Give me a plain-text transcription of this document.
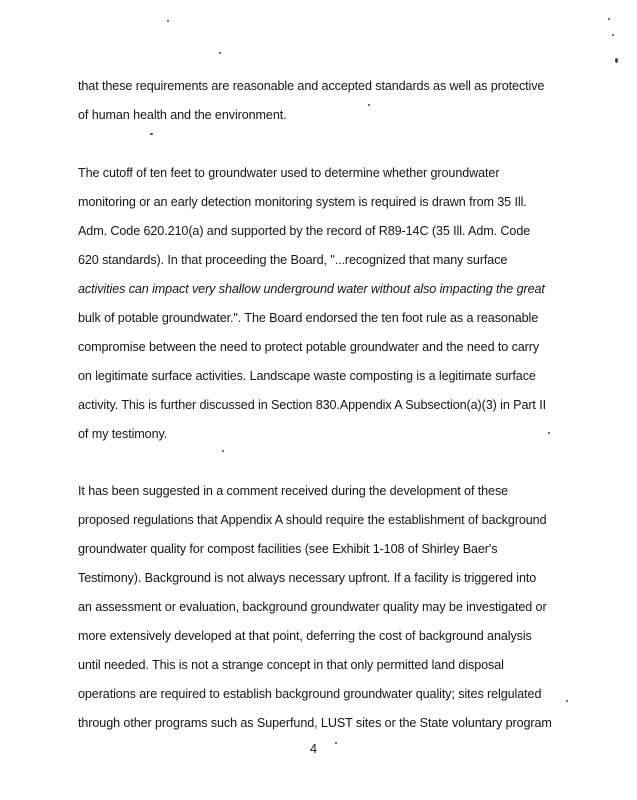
that these requirements are reasonable and accepted standards as well as protective
of human health and the environment.
The cutoff of ten feet to groundwater used to determine whether groundwater
monitoring or an early detection monitoring system is required is drawn from 35 Ill.
Adm. Code 620.210(a) and supported by the record of R89-14C (35 Ill. Adm. Code
620 standards). In that proceeding the Board, "...recognized that many surface
activities can impact very shallow underground water without also impacting the great
bulk of potable groundwater.". The Board endorsed the ten foot rule as a reasonable
compromise between the need to protect potable groundwater and the need to carry
on legitimate surface activities. Landscape waste composting is a legitimate surface
activity. This is further discussed in Section 830.Appendix A Subsection(a)(3) in Part II
of my testimony.
It has been suggested in a comment received during the development of these
proposed regulations that Appendix A should require the establishment of background
groundwater quality for compost facilities (see Exhibit 1-108 of Shirley Baer's
Testimony). Background is not always necessary upfront. If a facility is triggered into
an assessment or evaluation, background groundwater quality may be investigated or
more extensively developed at that point, deferring the cost of background analysis
until needed. This is not a strange concept in that only permitted land disposal
operations are required to establish background groundwater quality; sites relgulated
through other programs such as Superfund, LUST sites or the State voluntary program
4
